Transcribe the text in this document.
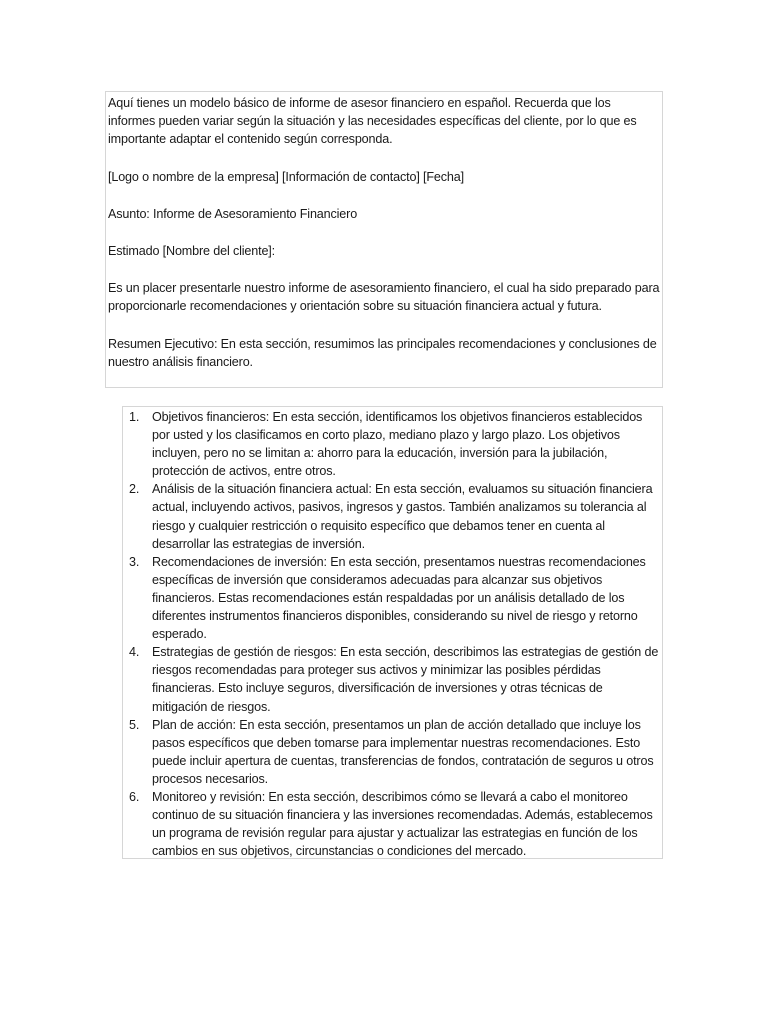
Aquí tienes un modelo básico de informe de asesor financiero en español. Recuerda que los informes pueden variar según la situación y las necesidades específicas del cliente, por lo que es importante adaptar el contenido según corresponda.

[Logo o nombre de la empresa] [Información de contacto] [Fecha]

Asunto: Informe de Asesoramiento Financiero

Estimado [Nombre del cliente]:

Es un placer presentarle nuestro informe de asesoramiento financiero, el cual ha sido preparado para proporcionarle recomendaciones y orientación sobre su situación financiera actual y futura.

Resumen Ejecutivo: En esta sección, resumimos las principales recomendaciones y conclusiones de nuestro análisis financiero.

1. Objetivos financieros: En esta sección, identificamos los objetivos financieros establecidos por usted y los clasificamos en corto plazo, mediano plazo y largo plazo. Los objetivos incluyen, pero no se limitan a: ahorro para la educación, inversión para la jubilación, protección de activos, entre otros.
2. Análisis de la situación financiera actual: En esta sección, evaluamos su situación financiera actual, incluyendo activos, pasivos, ingresos y gastos. También analizamos su tolerancia al riesgo y cualquier restricción o requisito específico que debamos tener en cuenta al desarrollar las estrategias de inversión.
3. Recomendaciones de inversión: En esta sección, presentamos nuestras recomendaciones específicas de inversión que consideramos adecuadas para alcanzar sus objetivos financieros. Estas recomendaciones están respaldadas por un análisis detallado de los diferentes instrumentos financieros disponibles, considerando su nivel de riesgo y retorno esperado.
4. Estrategias de gestión de riesgos: En esta sección, describimos las estrategias de gestión de riesgos recomendadas para proteger sus activos y minimizar las posibles pérdidas financieras. Esto incluye seguros, diversificación de inversiones y otras técnicas de mitigación de riesgos.
5. Plan de acción: En esta sección, presentamos un plan de acción detallado que incluye los pasos específicos que deben tomarse para implementar nuestras recomendaciones. Esto puede incluir apertura de cuentas, transferencias de fondos, contratación de seguros u otros procesos necesarios.
6. Monitoreo y revisión: En esta sección, describimos cómo se llevará a cabo el monitoreo continuo de su situación financiera y las inversiones recomendadas. Además, establecemos un programa de revisión regular para ajustar y actualizar las estrategias en función de los cambios en sus objetivos, circunstancias o condiciones del mercado.
